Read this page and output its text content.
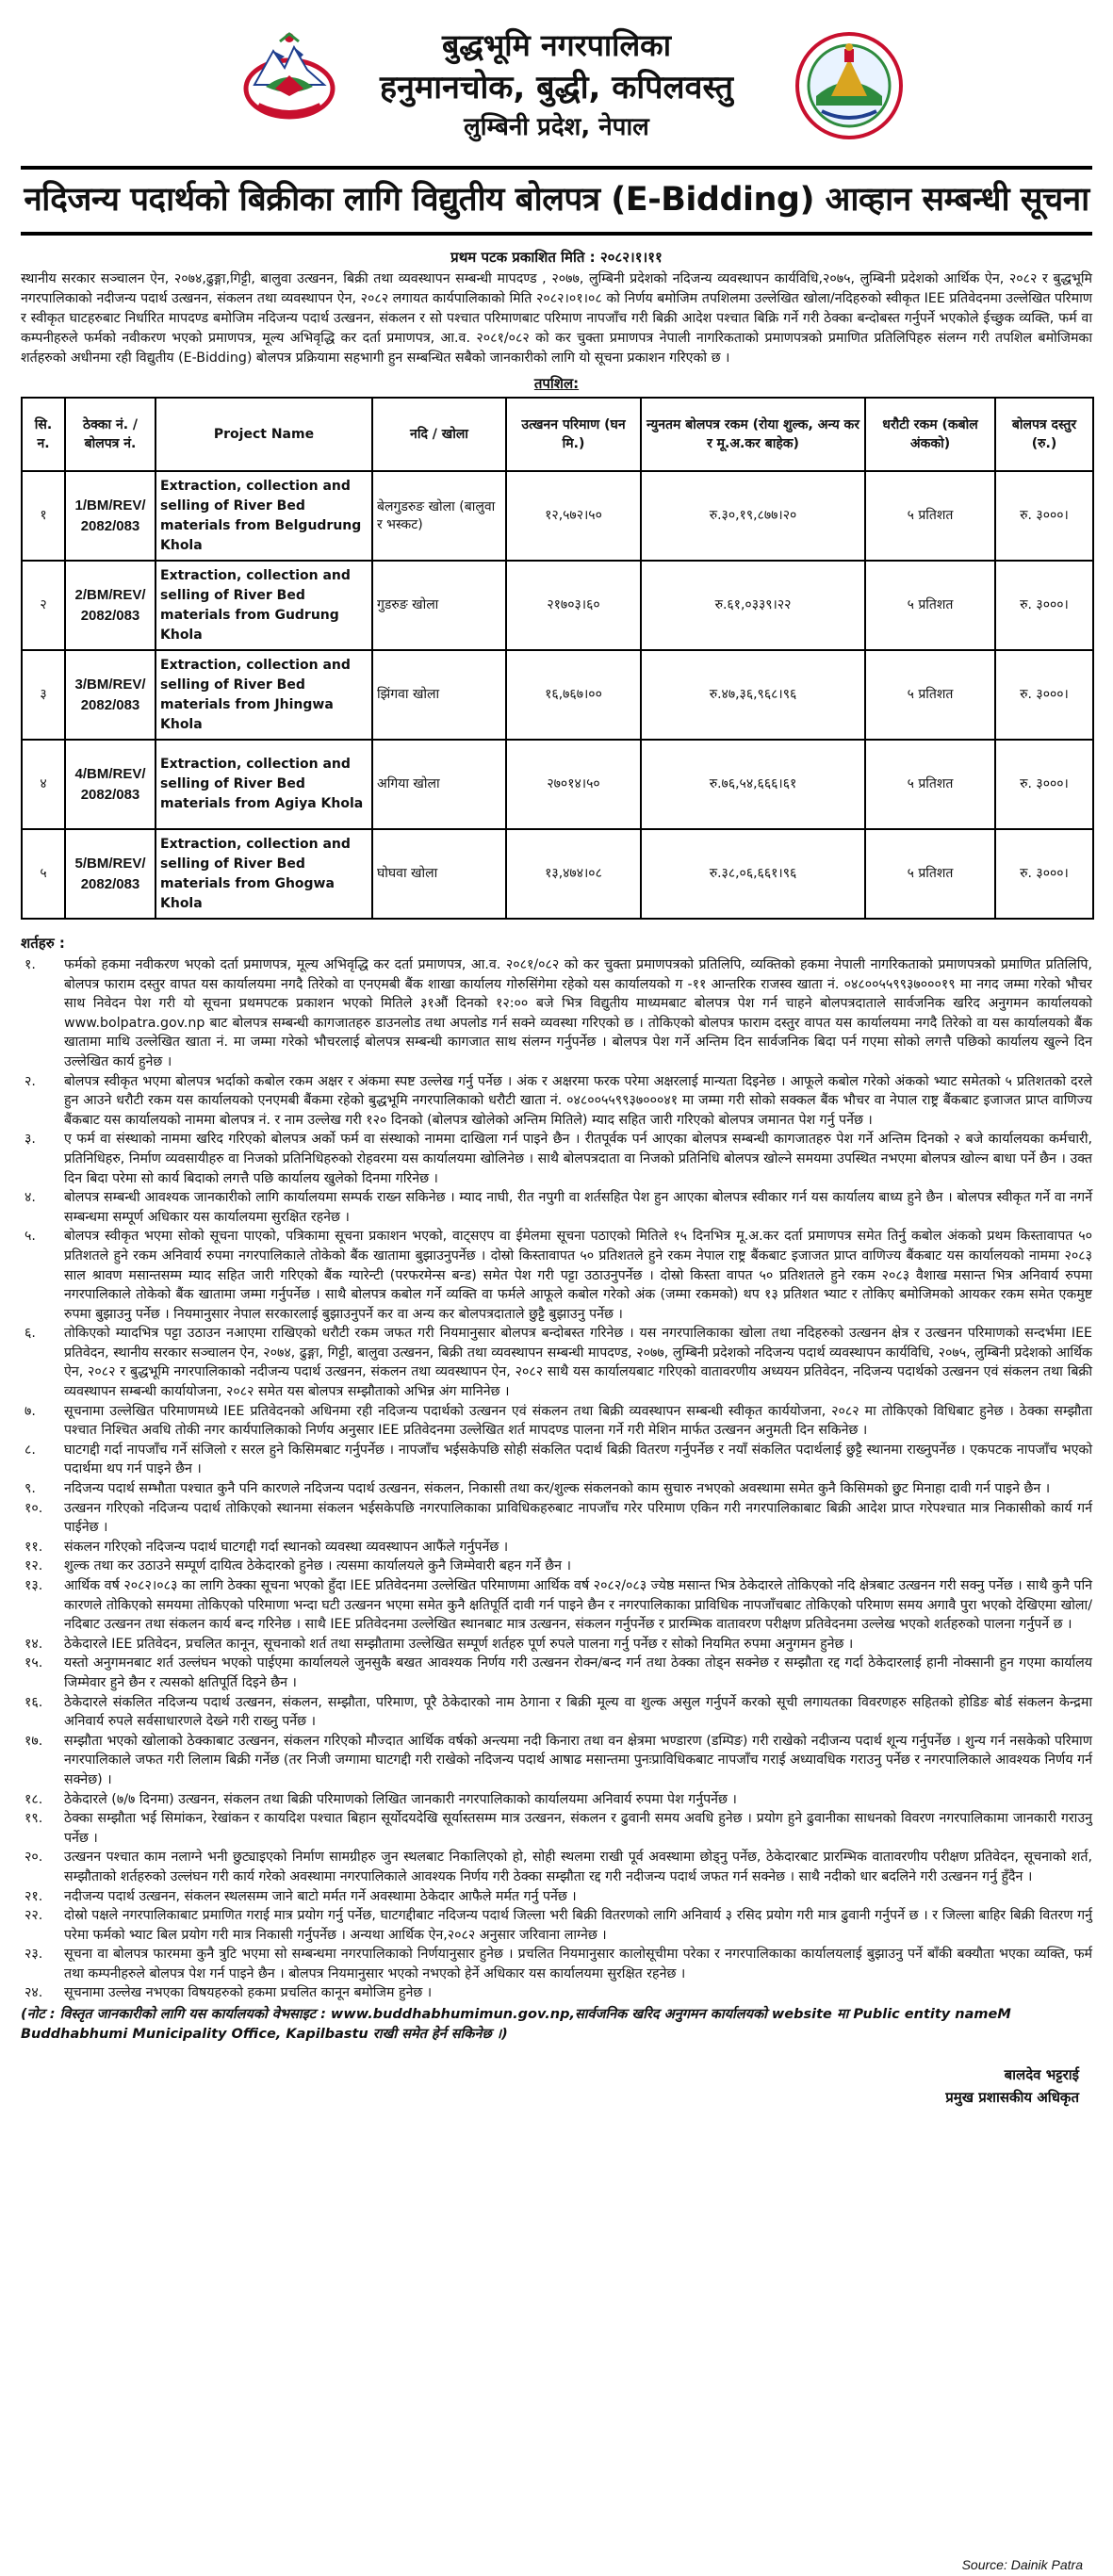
बुद्धभूमि नगरपालिका
हनुमानचोक, बुद्धी, कपिलवस्तु
लुम्बिनी प्रदेश, नेपाल
नदिजन्य पदार्थको बिक्रीका लागि विद्युतीय बोलपत्र (E-Bidding) आव्हान सम्बन्धी सूचना
प्रथम पटक प्रकाशित मिति : २०८२।१।११
स्थानीय सरकार सञ्चालन ऐन, २०७४,ढुङ्गा,गिट्टी, बालुवा उत्खनन, बिक्री तथा व्यवस्थापन सम्बन्धी मापदण्ड , २०७७, लुम्बिनी प्रदेशको नदिजन्य व्यवस्थापन कार्यविधि,२०७५, लुम्बिनी प्रदेशको आर्थिक ऐन, २०८२ र बुद्धभूमि नगरपालिकाको नदीजन्य पदार्थ उत्खनन, संकलन तथा व्यवस्थापन ऐन, २०८२ लगायत कार्यपालिकाको मिति २०८२।०१।०८ को निर्णय बमोजिम तपशिलमा उल्लेखित खोला/नदिहरुको स्वीकृत IEE प्रतिवेदनमा उल्लेखित परिमाण र स्वीकृत घाटहरुबाट निर्धारित मापदण्ड बमोजिम नदिजन्य पदार्थ उत्खनन, संकलन र सो पश्चात परिमाणबाट परिमाण नापजाँच गरी बिक्री आदेश पश्चात बिक्रि गर्ने गरी ठेक्का बन्दोबस्त गर्नुपर्ने भएकोले ईच्छुक व्यक्ति, फर्म वा कम्पनीहरुले फर्मको नवीकरण भएको प्रमाणपत्र, मूल्य अभिवृद्धि कर दर्ता प्रमाणपत्र, आ.व. २०८१/०८२ को कर चुक्ता प्रमाणपत्र नेपाली नागरिकताको प्रमाणपत्रको प्रमाणित प्रतिलिपिहरु संलग्न गरी तपशिल बमोजिमका शर्तहरुको अधीनमा रही विद्युतीय (E-Bidding) बोलपत्र प्रक्रियामा सहभागी हुन सम्बन्धित सबैको जानकारीको लागि यो सूचना प्रकाशन गरिएको छ ।
तपशिल:
सि. न.	ठेक्का नं. / बोलपत्र नं.	Project Name	नदि / खोला	उत्खनन परिमाण (घन मि.)	न्युनतम बोलपत्र रकम (रोया शुल्क, अन्य कर र मू.अ.कर बाहेक)	धरौटी रकम (कबोल अंकको)	बोलपत्र दस्तुर (रु.)
१	1/BM/REV/ 2082/083	Extraction, collection and selling of River Bed materials from Belgudrung Khola	बेलगुडरुङ खोला (बालुवा र भस्कट)	१२,५७२।५०	रु.३०,१९,८७७।२०	५ प्रतिशत	रु. ३०००।
२	2/BM/REV/ 2082/083	Extraction, collection and selling of River Bed materials from Gudrung Khola	गुडरुङ खोला	२१७०३।६०	रु.६१,०३३९।२२	५ प्रतिशत	रु. ३०००।
३	3/BM/REV/ 2082/083	Extraction, collection and selling of River Bed materials from Jhingwa Khola	झिंगवा खोला	१६,७६७।००	रु.४७,३६,९६८।९६	५ प्रतिशत	रु. ३०००।
४	4/BM/REV/ 2082/083	Extraction, collection and selling of River Bed materials from Agiya Khola	अगिया खोला	२७०१४।५०	रु.७६,५४,६६६।६१	५ प्रतिशत	रु. ३०००।
५	5/BM/REV/ 2082/083	Extraction, collection and selling of River Bed materials from Ghogwa Khola	घोघवा खोला	१३,४७४।०८	रु.३८,०६,६६१।९६	५ प्रतिशत	रु. ३०००।
शर्तहरु :
१.	फर्मको हकमा नवीकरण भएको दर्ता प्रमाणपत्र, मूल्य अभिवृद्धि कर दर्ता प्रमाणपत्र, आ.व. २०८१/०८२ को कर चुक्ता प्रमाणपत्रको प्रतिलिपि, व्यक्तिको हकमा नेपाली नागरिकताको प्रमाणपत्रको प्रमाणित प्रतिलिपि, बोलपत्र फाराम दस्तुर वापत यस कार्यालयमा नगदै तिरेको वा एनएमबी बैंक शाखा कार्यालय गोरुसिंगेमा रहेको यस कार्यालयको ग -११ आन्तरिक राजस्व खाता नं. ०४८००५५९९३७०००१९ मा नगद जम्मा गरेको भौचर साथ निवेदन पेश गरी यो सूचना प्रथमपटक प्रकाशन भएको मितिले ३१औं दिनको १२:०० बजे भित्र विद्युतीय माध्यमबाट बोलपत्र पेश गर्न चाहने बोलपत्रदाताले सार्वजनिक खरिद अनुगमन कार्यालयको www.bolpatra.gov.np बाट बोलपत्र सम्बन्धी कागजातहरु डाउनलोड तथा अपलोड गर्न सक्ने व्यवस्था गरिएको छ । तोकिएको बोलपत्र फाराम दस्तुर वापत यस कार्यालयमा नगदै तिरेको वा यस कार्यालयको बैंक खातामा माथि उल्लेखित खाता नं. मा जम्मा गरेको भौचरलाई बोलपत्र सम्बन्धी कागजात साथ संलग्न गर्नुपर्नेछ । बोलपत्र पेश गर्ने अन्तिम दिन सार्वजनिक बिदा पर्न गएमा सोको लगत्तै पछिको कार्यालय खुल्ने दिन उल्लेखित कार्य हुनेछ ।
२.	बोलपत्र स्वीकृत भएमा बोलपत्र भर्दाको कबोल रकम अक्षर र अंकमा स्पष्ट उल्लेख गर्नु पर्नेछ । अंक र अक्षरमा फरक परेमा अक्षरलाई मान्यता दिइनेछ । आफूले कबोल गरेको अंकको भ्याट समेतको ५ प्रतिशतको दरले हुन आउने धरौटी रकम यस कार्यालयको एनएमबी बैंकमा रहेको बुद्धभूमि नगरपालिकाको धरौटी खाता नं. ०४८००५५९९३७०००४१ मा जम्मा गरी सोको सक्कल बैंक भौचर वा नेपाल राष्ट्र बैंकबाट इजाजत प्राप्त वाणिज्य बैंकबाट यस कार्यालयको नाममा बोलपत्र नं. र नाम उल्लेख गरी १२० दिनको (बोलपत्र खोलेको अन्तिम मितिले) म्याद सहित जारी गरिएको बोलपत्र जमानत पेश गर्नु पर्नेछ ।
३.	ए फर्म वा संस्थाको नाममा खरिद गरिएको बोलपत्र अर्को फर्म वा संस्थाको नाममा दाखिला गर्न पाइने छैन । रीतपूर्वक पर्न आएका बोलपत्र सम्बन्धी कागजातहरु पेश गर्ने अन्तिम दिनको २ बजे कार्यालयका कर्मचारी, प्रतिनिधिहरु, निर्माण व्यवसायीहरु वा निजको प्रतिनिधिहरुको रोहवरमा यस कार्यालयमा खोलिनेछ । साथै बोलपत्रदाता वा निजको प्रतिनिधि बोलपत्र खोल्ने समयमा उपस्थित नभएमा बोलपत्र खोल्न बाधा पर्ने छैन । उक्त दिन बिदा परेमा सो कार्य बिदाको लगत्तै पछि कार्यालय खुलेको दिनमा गरिनेछ ।
४.	बोलपत्र सम्बन्धी आवश्यक जानकारीको लागि कार्यालयमा सम्पर्क राख्न सकिनेछ । म्याद नाघी, रीत नपुगी वा शर्तसहित पेश हुन आएका बोलपत्र स्वीकार गर्न यस कार्यालय बाध्य हुने छैन । बोलपत्र स्वीकृत गर्ने वा नगर्ने सम्बन्धमा सम्पूर्ण अधिकार यस कार्यालयमा सुरक्षित रहनेछ ।
५.	बोलपत्र स्वीकृत भएमा सोको सूचना पाएको, पत्रिकामा सूचना प्रकाशन भएको, वाट्सएप वा ईमेलमा सूचना पठाएको मितिले १५ दिनभित्र मू.अ.कर दर्ता प्रमाणपत्र समेत तिर्नु कबोल अंकको प्रथम किस्तावापत ५० प्रतिशतले हुने रकम अनिवार्य रुपमा नगरपालिकाले तोकेको बैंक खातामा बुझाउनुपर्नेछ । दोस्रो किस्तावापत ५० प्रतिशतले हुने रकम नेपाल राष्ट्र बैंकबाट इजाजत प्राप्त वाणिज्य बैंकबाट यस कार्यालयको नाममा २०८३ साल श्रावण मसान्तसम्म म्याद सहित जारी गरिएको बैंक ग्यारेन्टी (परफरमेन्स बन्ड) समेत पेश गरी पट्टा उठाउनुपर्नेछ । दोस्रो किस्ता वापत ५० प्रतिशतले हुने रकम २०८३ वैशाख मसान्त भित्र अनिवार्य रुपमा नगरपालिकाले तोकेको बैंक खातामा जम्मा गर्नुपर्नेछ । साथै बोलपत्र कबोल गर्ने व्यक्ति वा फर्मले आफूले कबोल गरेको अंक (जम्मा रकमको) थप १३ प्रतिशत भ्याट र तोकिए बमोजिमको आयकर रकम समेत एकमुष्ट रुपमा बुझाउनु पर्नेछ । नियमानुसार नेपाल सरकारलाई बुझाउनुपर्ने कर वा अन्य कर बोलपत्रदाताले छुट्टै बुझाउनु पर्नेछ ।
६.	तोकिएको म्यादभित्र पट्टा उठाउन नआएमा राखिएको धरौटी रकम जफत गरी नियमानुसार बोलपत्र बन्दोबस्त गरिनेछ । यस नगरपालिकाका खोला तथा नदिहरुको उत्खनन क्षेत्र र उत्खनन परिमाणको सन्दर्भमा IEE प्रतिवेदन, स्थानीय सरकार सञ्चालन ऐन, २०७४, ढुङ्गा, गिट्टी, बालुवा उत्खनन, बिक्री तथा व्यवस्थापन सम्बन्धी मापदण्ड, २०७७, लुम्बिनी प्रदेशको नदिजन्य पदार्थ व्यवस्थापन कार्यविधि, २०७५, लुम्बिनी प्रदेशको आर्थिक ऐन, २०८२ र बुद्धभूमि नगरपालिकाको नदीजन्य पदार्थ उत्खनन, संकलन तथा व्यवस्थापन ऐन, २०८२ साथै यस कार्यालयबाट गरिएको वातावरणीय अध्ययन प्रतिवेदन, नदिजन्य पदार्थको उत्खनन एवं संकलन तथा बिक्री व्यवस्थापन सम्बन्धी कार्यायोजना, २०८२ समेत यस बोलपत्र सम्झौताको अभिन्न अंग मानिनेछ ।
७.	सूचनामा उल्लेखित परिमाणमध्ये IEE प्रतिवेदनको अधिनमा रही नदिजन्य पदार्थको उत्खनन एवं संकलन तथा बिक्री व्यवस्थापन सम्बन्धी स्वीकृत कार्ययोजना, २०८२ मा तोकिएको विधिबाट हुनेछ । ठेक्का सम्झौता पश्चात निश्चित अवधि तोकी नगर कार्यपालिकाको निर्णय अनुसार IEE प्रतिवेदनमा उल्लेखित शर्त मापदण्ड पालना गर्ने गरी मेशिन मार्फत उत्खनन अनुमती दिन सकिनेछ ।
८.	घाटगद्दी गर्दा नापजाँच गर्ने संजिलो र सरल हुने किसिमबाट गर्नुपर्नेछ । नापजाँच भईसकेपछि सोही संकलित पदार्थ बिक्री वितरण गर्नुपर्नेछ र नयाँ संकलित पदार्थलाई छुट्टै स्थानमा राख्नुपर्नेछ । एकपटक नापजाँच भएको पदार्थमा थप गर्न पाइने छैन ।
९.	नदिजन्य पदार्थ सम्भौता पश्चात कुनै पनि कारणले नदिजन्य पदार्थ उत्खनन, संकलन, निकासी तथा कर/शुल्क संकलनको काम सुचारु नभएको अवस्थामा समेत कुनै किसिमको छुट मिनाहा दावी गर्न पाइने छैन ।
१०.	उत्खनन गरिएको नदिजन्य पदार्थ तोकिएको स्थानमा संकलन भईसकेपछि नगरपालिकाका प्राविधिकहरुबाट नापजाँच गरेर परिमाण एकिन गरी नगरपालिकाबाट बिक्री आदेश प्राप्त गरेपश्चात मात्र निकासीको कार्य गर्न पाईनेछ ।
११.	संकलन गरिएको नदिजन्य पदार्थ घाटगद्दी गर्दा स्थानको व्यवस्था व्यवस्थापन आफैंले गर्नुपर्नेछ ।
१२.	शुल्क तथा कर उठाउने सम्पूर्ण दायित्व ठेकेदारको हुनेछ । त्यसमा कार्यालयले कुनै जिम्मेवारी बहन गर्ने छैन ।
१३.	आर्थिक वर्ष २०८२।०८३ का लागि ठेक्का सूचना भएको हुँदा IEE प्रतिवेदनमा उल्लेखित परिमाणमा आर्थिक वर्ष २०८२/०८३ ज्येष्ठ मसान्त भित्र ठेकेदारले तोकिएको नदि क्षेत्रबाट उत्खनन गरी सक्नु पर्नेछ । साथै कुनै पनि कारणले तोकिएको समयमा तोकिएको परिमाणा भन्दा घटी उत्खनन भएमा समेत कुनै क्षतिपूर्ति दावी गर्न पाइने छैन र नगरपालिकाका प्राविधिक नापजाँचबाट तोकिएको परिमाण समय अगावै पुरा भएको देखिएमा खोला/नदिबाट उत्खनन तथा संकलन कार्य बन्द गरिनेछ । साथै IEE प्रतिवेदनमा उल्लेखित स्थानबाट मात्र उत्खनन, संकलन गर्नुपर्नेछ र प्रारम्भिक वातावरण परीक्षण प्रतिवेदनमा उल्लेख भएको शर्तहरुको पालना गर्नुपर्ने छ ।
१४.	ठेकेदारले IEE प्रतिवेदन, प्रचलित कानून, सूचनाको शर्त तथा सम्झौतामा उल्लेखित सम्पूर्ण शर्तहरु पूर्ण रुपले पालना गर्नु पर्नेछ र सोको नियमित रुपमा अनुगमन हुनेछ ।
१५.	यस्तो अनुगमनबाट शर्त उल्लंघन भएको पाईएमा कार्यालयले जुनसुकै बखत आवश्यक निर्णय गरी उत्खनन रोक्न/बन्द गर्न तथा ठेक्का तोड्न सक्नेछ र सम्झौता रद्द गर्दा ठेकेदारलाई हानी नोक्सानी हुन गएमा कार्यालय जिम्मेवार हुने छैन र त्यसको क्षतिपूर्ति दिइने छैन ।
१६.	ठेकेदारले संकलित नदिजन्य पदार्थ उत्खनन, संकलन, सम्झौता, परिमाण, पूरै ठेकेदारको नाम ठेगाना र बिक्री मूल्य वा शुल्क असुल गर्नुपर्ने करको सूची लगायतका विवरणहरु सहितको होडिङ बोर्ड संकलन केन्द्रमा अनिवार्य रुपले सर्वसाधारणले देख्ने गरी राख्नु पर्नेछ ।
१७.	सम्झौता भएको खोलाको ठेक्काबाट उत्खनन, संकलन गरिएको मौज्दात आर्थिक वर्षको अन्त्यमा नदी किनारा तथा वन क्षेत्रमा भण्डारण (डम्पिङ) गरी राखेको नदीजन्य पदार्थ शून्य गर्नुपर्नेछ । शुन्य गर्न नसकेको परिमाण नगरपालिकाले जफत गरी लिलाम बिक्री गर्नेछ (तर निजी जग्गामा घाटगद्दी गरी राखेको नदिजन्य पदार्थ आषाढ मसान्तमा पुनःप्राविधिकबाट नापजाँच गराई अध्यावधिक गराउनु पर्नेछ र नगरपालिकाले आवश्यक निर्णय गर्न सक्नेछ) ।
१८.	ठेकेदारले (७/७ दिनमा) उत्खनन, संकलन तथा बिक्री परिमाणको लिखित जानकारी नगरपालिकाको कार्यालयमा अनिवार्य रुपमा पेश गर्नुपर्नेछ ।
१९.	ठेक्का सम्झौता भई सिमांकन, रेखांकन र कायदिश पश्चात बिहान सूर्योदयदेखि सूर्यास्तसम्म मात्र उत्खनन, संकलन र ढुवानी समय अवधि हुनेछ । प्रयोग हुने ढुवानीका साधनको विवरण नगरपालिकामा जानकारी गराउनु पर्नेछ ।
२०.	उत्खनन पश्चात काम नलाग्ने भनी छुट्याइएको निर्माण सामग्रीहरु जुन स्थलबाट निकालिएको हो, सोही स्थलमा राखी पूर्व अवस्थामा छोड्नु पर्नेछ, ठेकेदारबाट प्रारम्भिक वातावरणीय परीक्षण प्रतिवेदन, सूचनाको शर्त, सम्झौताको शर्तहरुको उल्लंघन गरी कार्य गरेको अवस्थामा नगरपालिकाले आवश्यक निर्णय गरी ठेक्का सम्झौता रद्द गरी नदीजन्य पदार्थ जफत गर्न सक्नेछ । साथै नदीको धार बदलिने गरी उत्खनन गर्नु हुँदैन ।
२१.	नदीजन्य पदार्थ उत्खनन, संकलन स्थलसम्म जाने बाटो मर्मत गर्ने अवस्थामा ठेकेदार आफैले मर्मत गर्नु पर्नेछ ।
२२.	दोस्रो पक्षले नगरपालिकाबाट प्रमाणित गराई मात्र प्रयोग गर्नु पर्नेछ, घाटगद्दीबाट नदिजन्य पदार्थ जिल्ला भरी बिक्री वितरणको लागि अनिवार्य ३ रसिद प्रयोग गरी मात्र ढुवानी गर्नुपर्ने छ । र जिल्ला बाहिर बिक्री वितरण गर्नु परेमा फर्मको भ्याट बिल प्रयोग गरी मात्र निकासी गर्नुपर्नेछ । अन्यथा आर्थिक ऐन,२०८२ अनुसार जरिवाना लाग्नेछ ।
२३.	सूचना वा बोलपत्र फारममा कुनै त्रुटि भएमा सो सम्बन्धमा नगरपालिकाको निर्णयानुसार हुनेछ । प्रचलित नियमानुसार कालोसूचीमा परेका र नगरपालिकाका कार्यालयलाई बुझाउनु पर्ने बाँकी बक्यौता भएका व्यक्ति, फर्म तथा कम्पनीहरुले बोलपत्र पेश गर्न पाइने छैन । बोलपत्र नियमानुसार भएको नभएको हेर्ने अधिकार यस कार्यालयमा सुरक्षित रहनेछ ।
२४.	सूचनामा उल्लेख नभएका विषयहरुको हकमा प्रचलित कानून बमोजिम हुनेछ ।
(नोट : विस्तृत जानकारीको लागि यस कार्यालयको वेभसाइट : www.buddhabhumimun.gov.np,सार्वजनिक खरिद अनुगमन कार्यालयको website मा Public entity nameM Buddhabhumi Municipality Office, Kapilbastu राखी समेत हेर्न सकिनेछ ।)
बालदेव भट्टराई
प्रमुख प्रशासकीय अधिकृत
Source: Dainik Patra
